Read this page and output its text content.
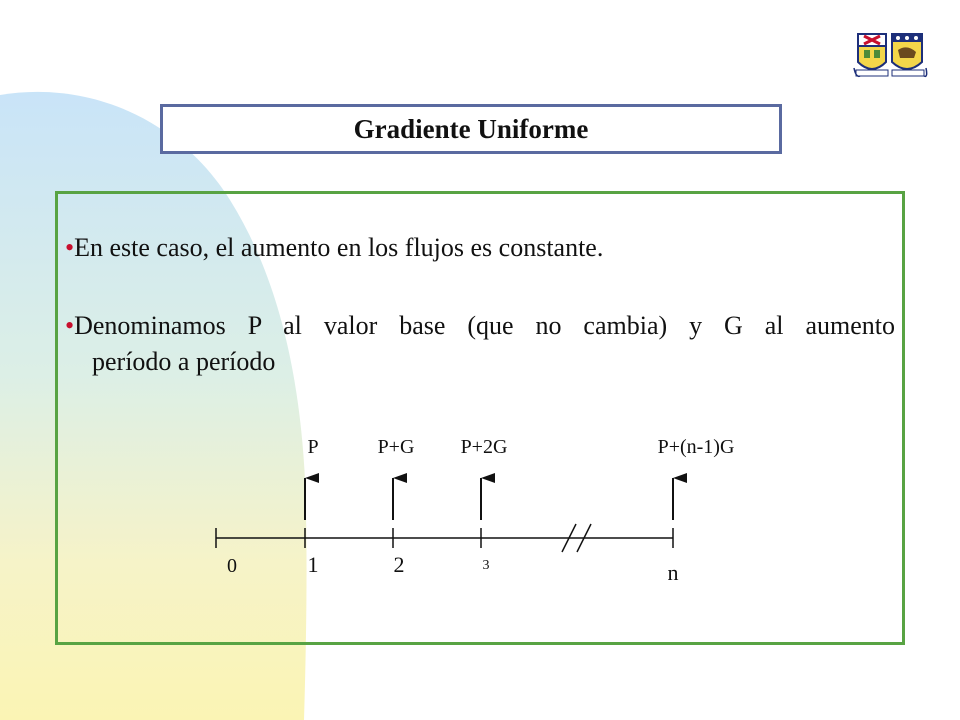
Gradiente Uniforme
•En este caso, el aumento en los flujos es constante.
•Denominamos P al valor base (que no cambia) y G al aumento
período a período
P	P+G P+2G	P+(n-1)G
0	1	2	3	n
